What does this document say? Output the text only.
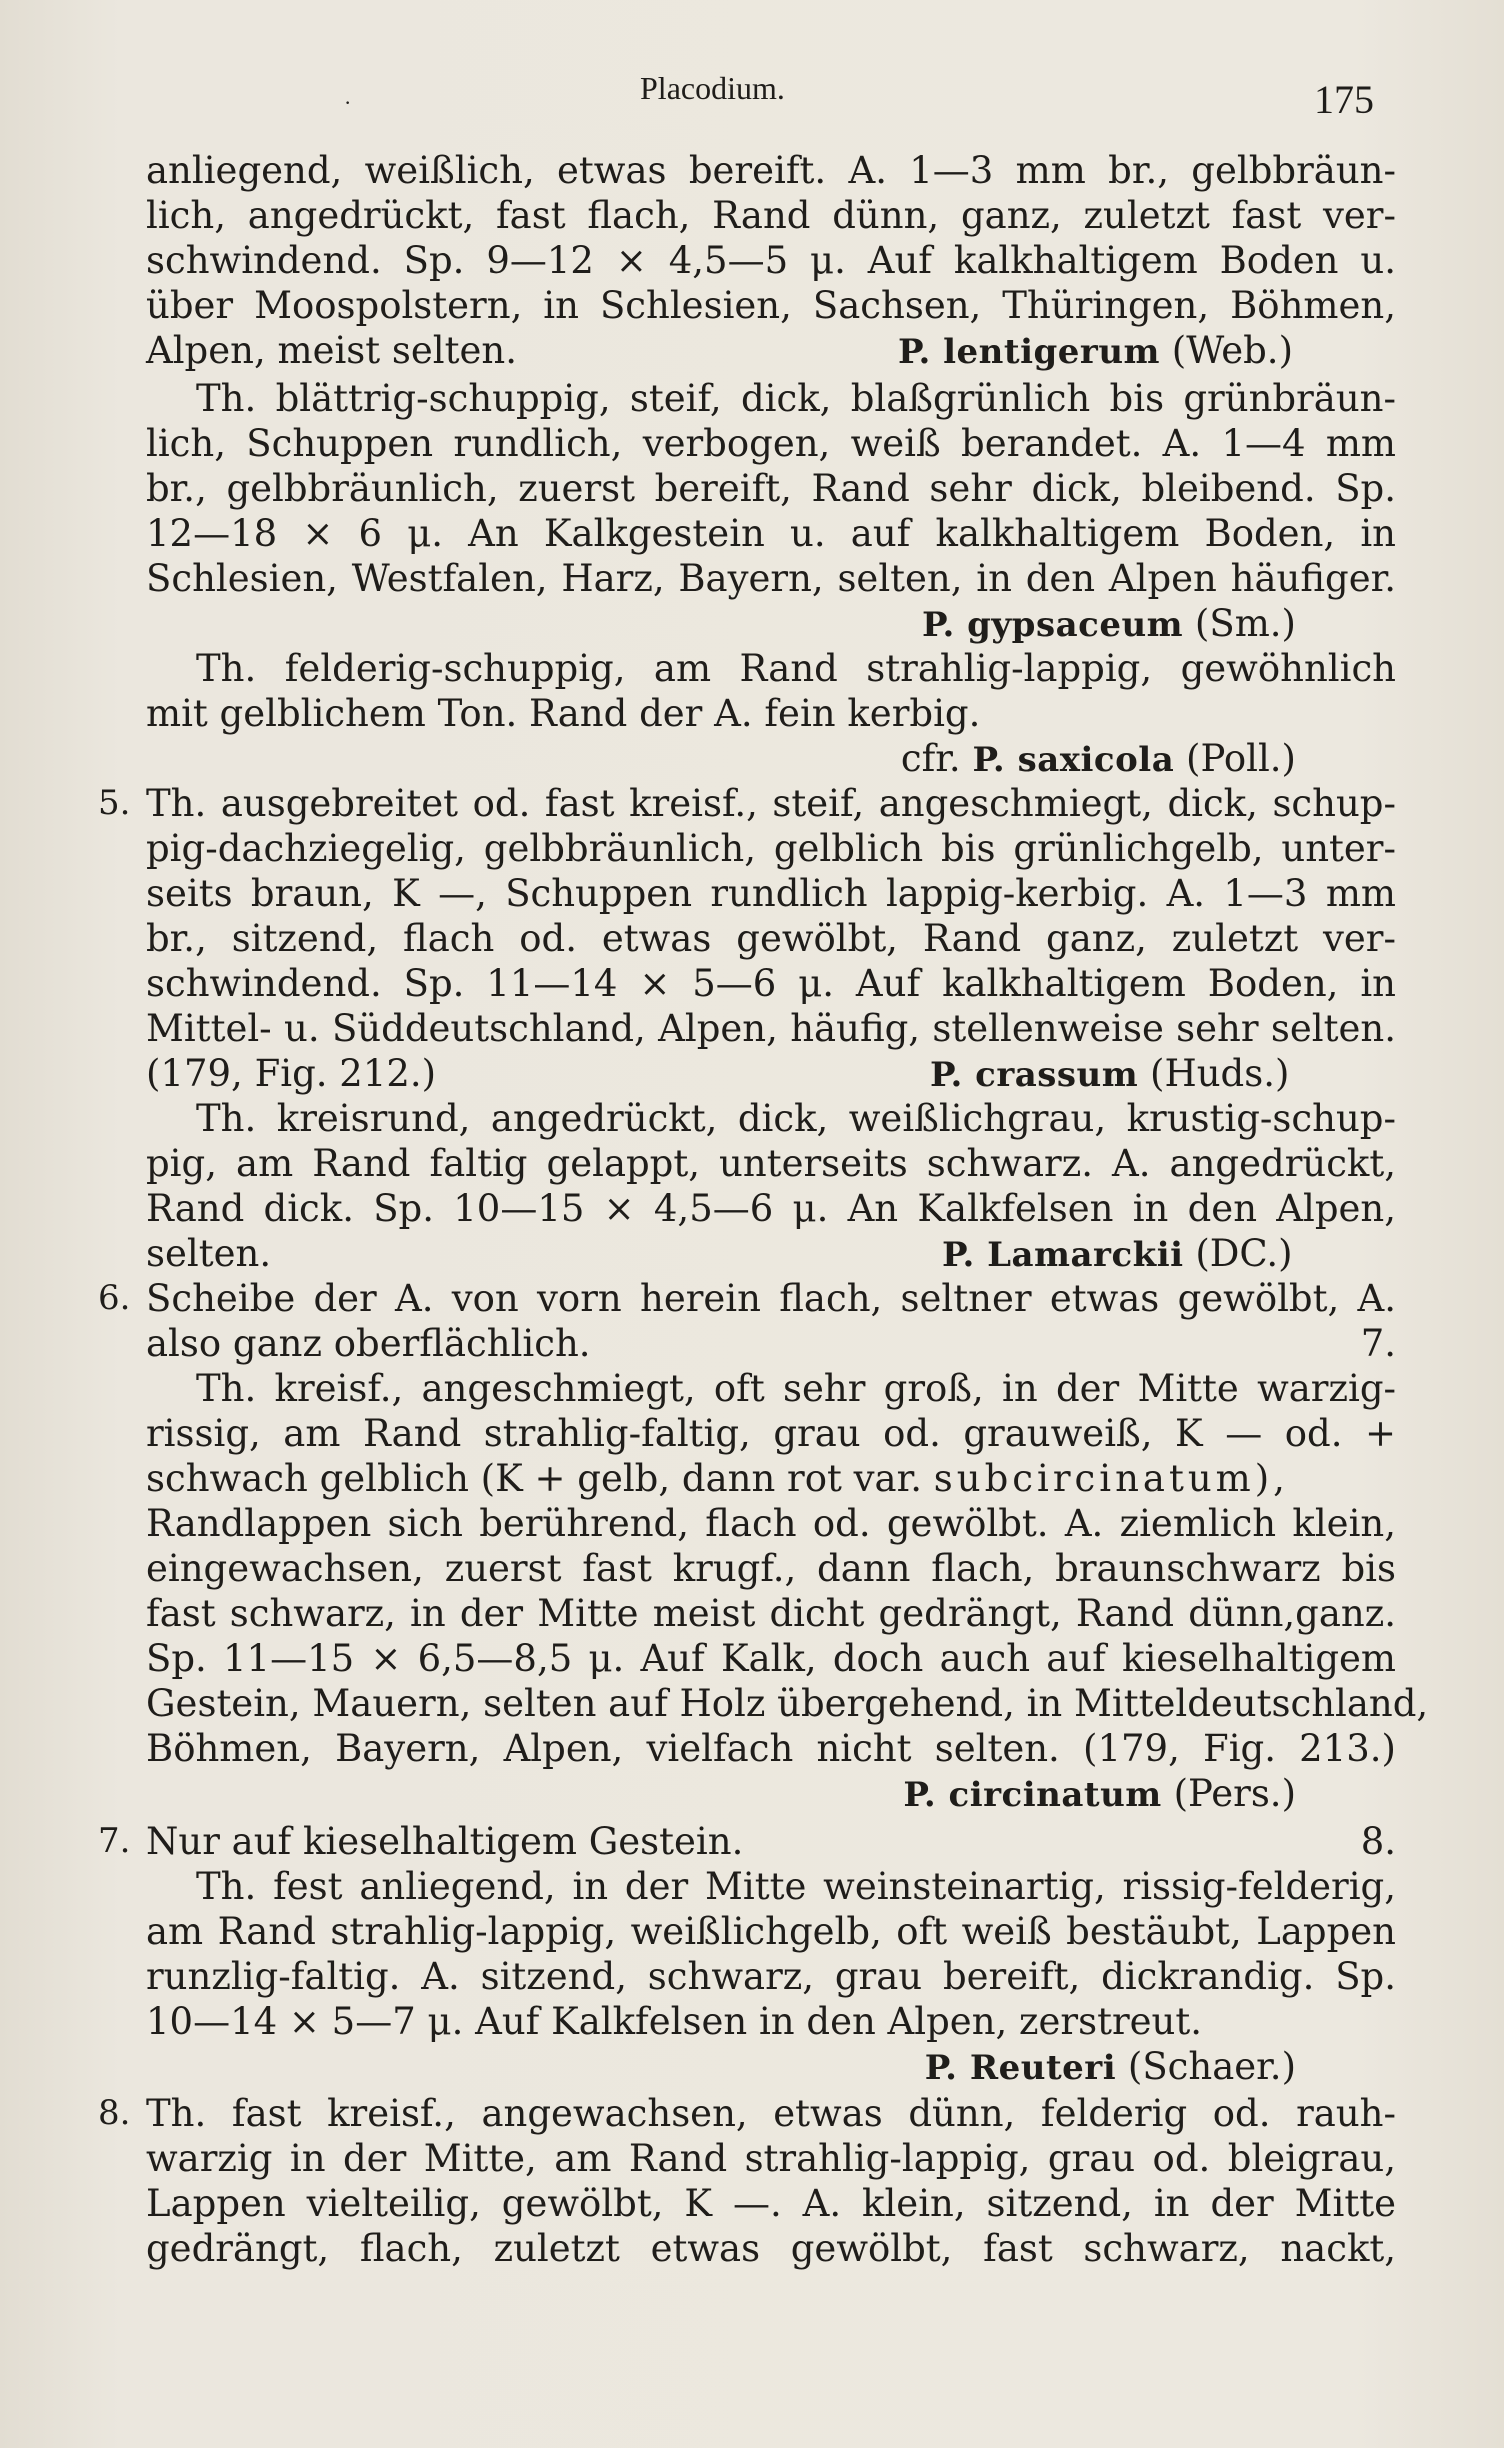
·	Placodium.	175
anliegend, weißlich, etwas bereift. A. 1—3 mm br., gelbbräun-
lich, angedrückt, fast flach, Rand dünn, ganz, zuletzt fast ver-
schwindend. Sp. 9—12 × 4,5—5 μ. Auf kalkhaltigem Boden u.
über Moospolstern, in Schlesien, Sachsen, Thüringen, Böhmen,
Alpen, meist selten.	P. lentigerum (Web.)
Th. blättrig-schuppig, steif, dick, blaßgrünlich bis grünbräun-
lich, Schuppen rundlich, verbogen, weiß berandet. A. 1—4 mm
br., gelbbräunlich, zuerst bereift, Rand sehr dick, bleibend. Sp.
12—18 × 6 μ. An Kalkgestein u. auf kalkhaltigem Boden, in
Schlesien, Westfalen, Harz, Bayern, selten, in den Alpen häufiger.
P. gypsaceum (Sm.)
Th. felderig-schuppig, am Rand strahlig-lappig, gewöhnlich
mit gelblichem Ton. Rand der A. fein kerbig.
cfr. P. saxicola (Poll.)
5. Th. ausgebreitet od. fast kreisf., steif, angeschmiegt, dick, schup-
pig-dachziegelig, gelbbräunlich, gelblich bis grünlichgelb, unter-
seits braun, K —, Schuppen rundlich lappig-kerbig. A. 1—3 mm
br., sitzend, flach od. etwas gewölbt, Rand ganz, zuletzt ver-
schwindend. Sp. 11—14 × 5—6 μ. Auf kalkhaltigem Boden, in
Mittel- u. Süddeutschland, Alpen, häufig, stellenweise sehr selten.
(179, Fig. 212.)	P. crassum (Huds.)
Th. kreisrund, angedrückt, dick, weißlichgrau, krustig-schup-
pig, am Rand faltig gelappt, unterseits schwarz. A. angedrückt,
Rand dick. Sp. 10—15 × 4,5—6 μ. An Kalkfelsen in den Alpen,
selten.	P. Lamarckii (DC.)
6. Scheibe der A. von vorn herein flach, seltner etwas gewölbt, A.
also ganz oberflächlich.	7.
Th. kreisf., angeschmiegt, oft sehr groß, in der Mitte warzig-
rissig, am Rand strahlig-faltig, grau od. grauweiß, K — od. +
schwach gelblich (K + gelb, dann rot var. subcircinatum),
Randlappen sich berührend, flach od. gewölbt. A. ziemlich klein,
eingewachsen, zuerst fast krugf., dann flach, braunschwarz bis
fast schwarz, in der Mitte meist dicht gedrängt, Rand dünn,ganz.
Sp. 11—15 × 6,5—8,5 μ. Auf Kalk, doch auch auf kieselhaltigem
Gestein, Mauern, selten auf Holz übergehend, in Mitteldeutschland,
Böhmen, Bayern, Alpen, vielfach nicht selten. (179, Fig. 213.)
P. circinatum (Pers.)
7. Nur auf kieselhaltigem Gestein.	8.
Th. fest anliegend, in der Mitte weinsteinartig, rissig-felderig,
am Rand strahlig-lappig, weißlichgelb, oft weiß bestäubt, Lappen
runzlig-faltig. A. sitzend, schwarz, grau bereift, dickrandig. Sp.
10—14 × 5—7 μ. Auf Kalkfelsen in den Alpen, zerstreut.
P. Reuteri (Schaer.)
8. Th. fast kreisf., angewachsen, etwas dünn, felderig od. rauh-
warzig in der Mitte, am Rand strahlig-lappig, grau od. bleigrau,
Lappen vielteilig, gewölbt, K —. A. klein, sitzend, in der Mitte
gedrängt, flach, zuletzt etwas gewölbt, fast schwarz, nackt,
